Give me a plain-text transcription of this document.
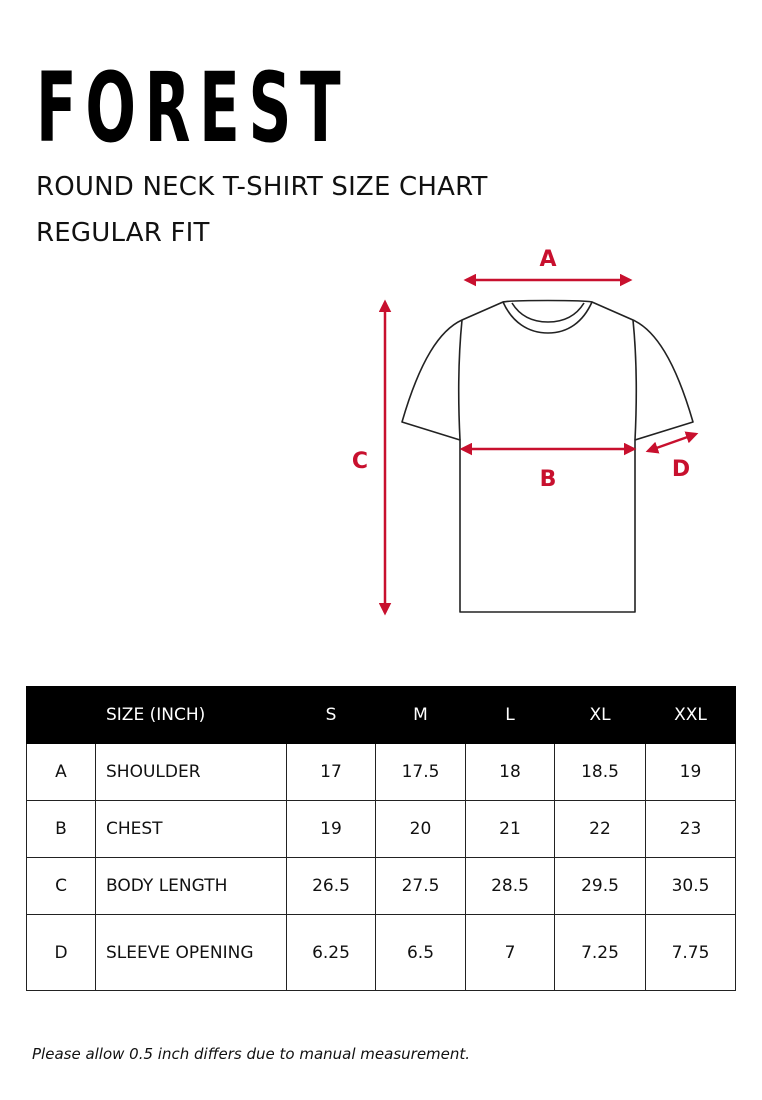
FOREST

ROUND NECK T-SHIRT SIZE CHART

REGULAR FIT

A
B
C	D
	SIZE (INCH)	S	M	L	XL	XXL
A	SHOULDER	17	17.5	18	18.5	19
B	CHEST	19	20	21	22	23
C	BODY LENGTH	26.5	27.5	28.5	29.5	30.5
D	SLEEVE OPENING	6.25	6.5	7	7.25	7.75

Please allow 0.5 inch differs due to manual measurement.
